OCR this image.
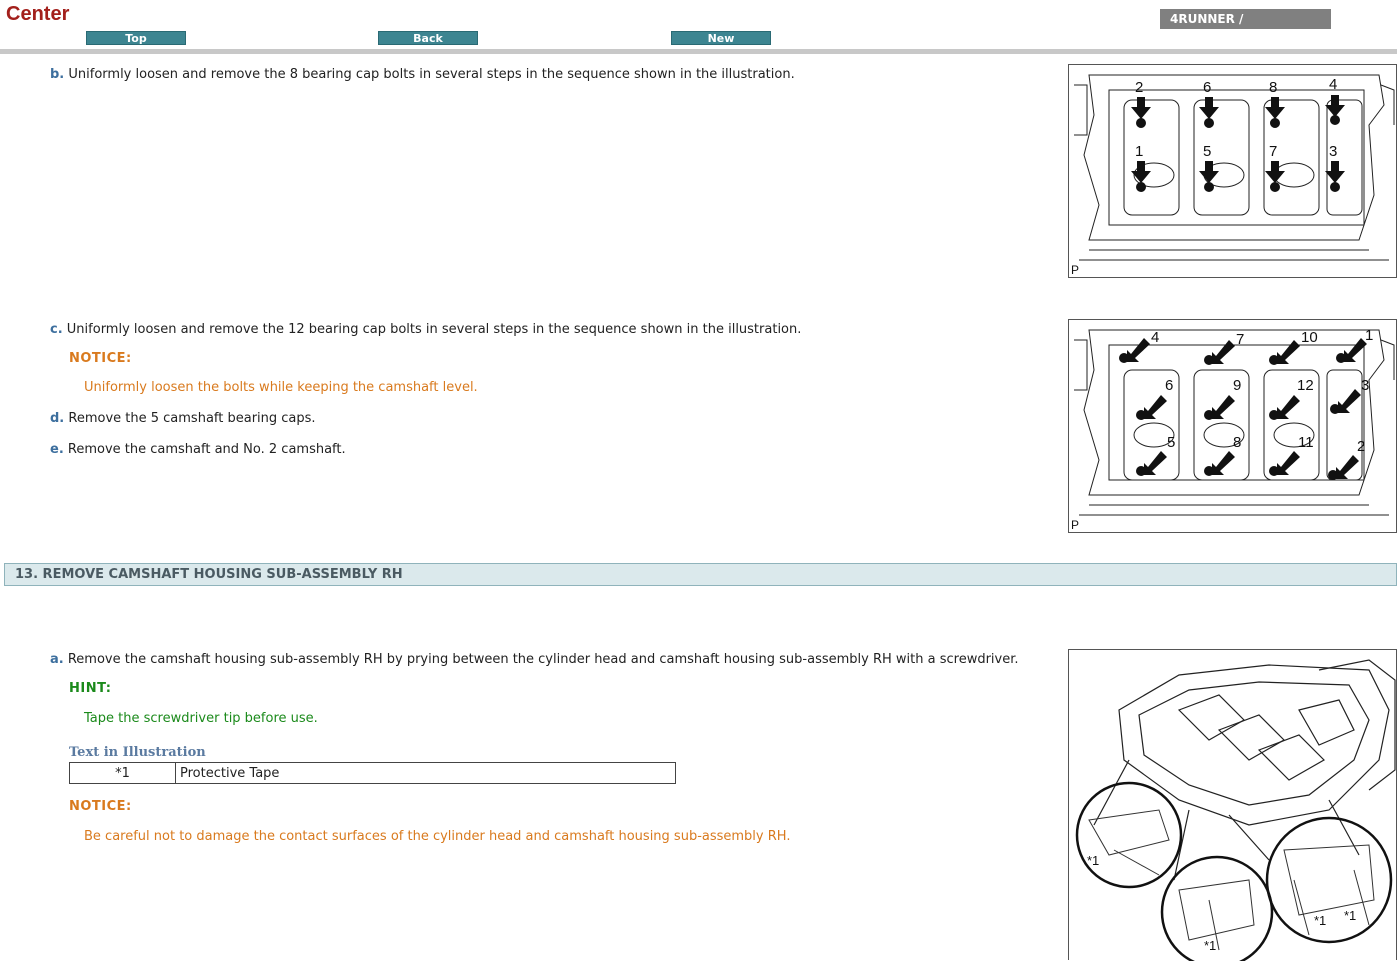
Center
Top	Back	New
4RUNNER /
b. Uniformly loosen and remove the 8 bearing cap bolts in several steps in the sequence shown in the illustration.
2	6	8	4
1	5	7	3
P
c. Uniformly loosen and remove the 12 bearing cap bolts in several steps in the sequence shown in the illustration.
NOTICE:
Uniformly loosen the bolts while keeping the camshaft level.
d. Remove the 5 camshaft bearing caps.
e. Remove the camshaft and No. 2 camshaft.
4	7	10	1
6	9	12	3
5	8	11	2
P
13. REMOVE CAMSHAFT HOUSING SUB-ASSEMBLY RH
a. Remove the camshaft housing sub-assembly RH by prying between the cylinder head and camshaft housing sub-assembly RH with a screwdriver.
HINT:
Tape the screwdriver tip before use.
Text in Illustration
*1	Protective Tape
NOTICE:
Be careful not to damage the contact surfaces of the cylinder head and camshaft housing sub-assembly RH.
*1
*1
*1 *1
